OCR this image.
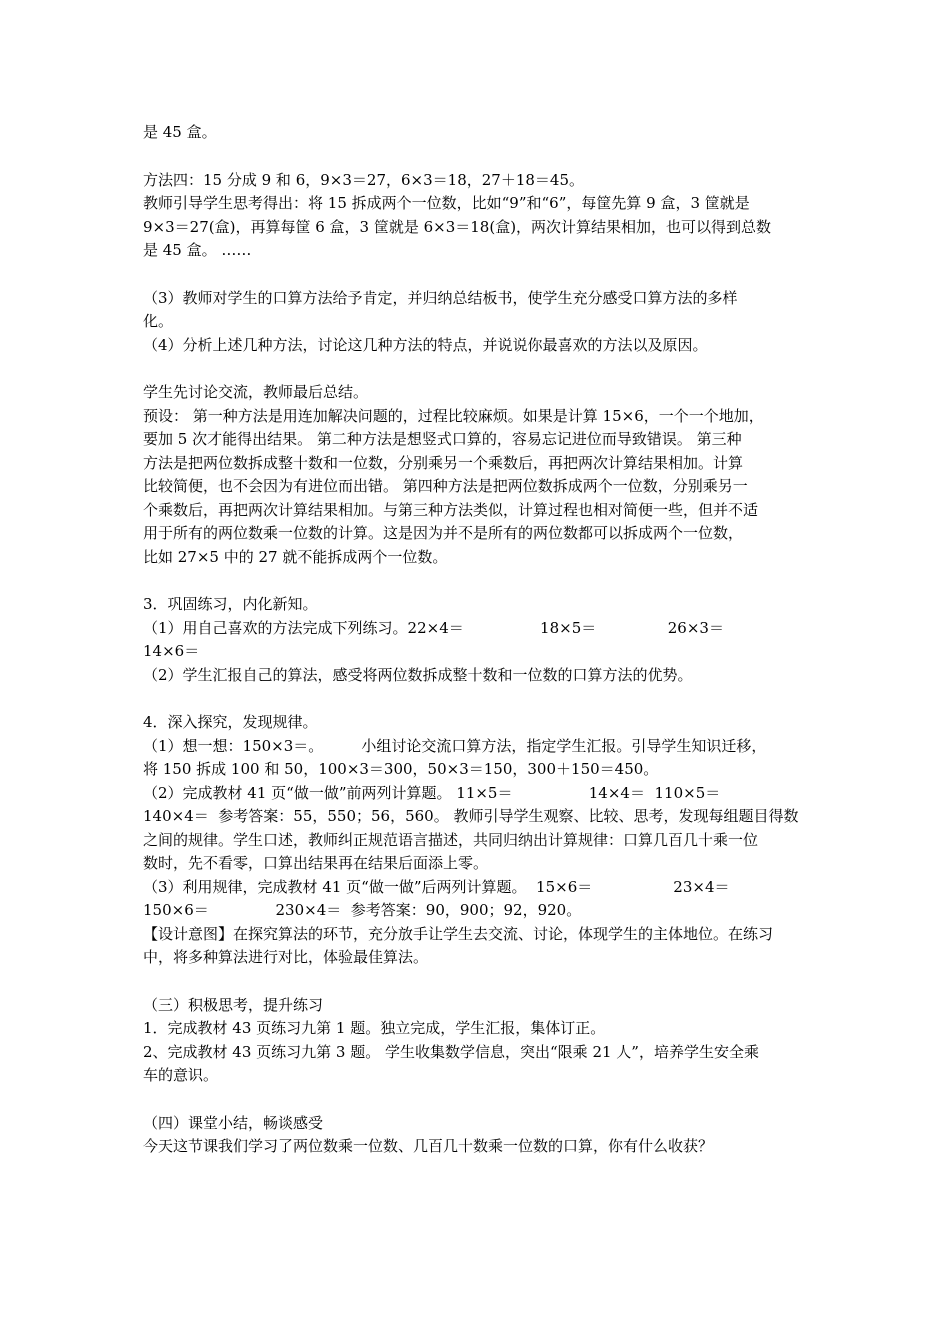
是 45 盒。
方法四：15 分成 9 和 6，9×3＝27，6×3＝18，27＋18＝45。
教师引导学生思考得出：将 15 拆成两个一位数，比如“9”和“6”，每筐先算 9 盒，3 筐就是
9×3＝27(盒)，再算每筐 6 盒，3 筐就是 6×3＝18(盒)，两次计算结果相加，也可以得到总数
是 45 盒。 ……
（3）教师对学生的口算方法给予肯定，并归纳总结板书，使学生充分感受口算方法的多样
化。
（4）分析上述几种方法，讨论这几种方法的特点，并说说你最喜欢的方法以及原因。
学生先讨论交流，教师最后总结。
预设： 第一种方法是用连加解决问题的，过程比较麻烦。如果是计算 15×6，一个一个地加，
要加 5 次才能得出结果。 第二种方法是想竖式口算的，容易忘记进位而导致错误。 第三种
方法是把两位数拆成整十数和一位数，分别乘另一个乘数后，再把两次计算结果相加。计算
比较简便，也不会因为有进位而出错。 第四种方法是把两位数拆成两个一位数，分别乘另一
个乘数后，再把两次计算结果相加。与第三种方法类似，计算过程也相对简便一些，但并不适
用于所有的两位数乘一位数的计算。这是因为并不是所有的两位数都可以拆成两个一位数，
比如 27×5 中的 27 就不能拆成两个一位数。
3．巩固练习，内化新知。
（1）用自己喜欢的方法完成下列练习。22×4＝                18×5＝               26×3＝
14×6＝
（2）学生汇报自己的算法，感受将两位数拆成整十数和一位数的口算方法的优势。
4．深入探究，发现规律。
（1）想一想：150×3＝。        小组讨论交流口算方法，指定学生汇报。引导学生知识迁移，
将 150 拆成 100 和 50，100×3＝300，50×3＝150，300＋150＝450。
（2）完成教材 41 页“做一做”前两列计算题。 11×5＝                14×4＝  110×5＝
140×4＝  参考答案：55，550；56，560。 教师引导学生观察、比较、思考，发现每组题目得数
之间的规律。学生口述，教师纠正规范语言描述，共同归纳出计算规律：口算几百几十乘一位
数时，先不看零，口算出结果再在结果后面添上零。
（3）利用规律，完成教材 41 页“做一做”后两列计算题。  15×6＝                 23×4＝
150×6＝              230×4＝  参考答案：90，900；92，920。
【设计意图】在探究算法的环节，充分放手让学生去交流、讨论，体现学生的主体地位。在练习
中，将多种算法进行对比，体验最佳算法。
（三）积极思考，提升练习
1．完成教材 43 页练习九第 1 题。独立完成，学生汇报，集体订正。
2、完成教材 43 页练习九第 3 题。 学生收集数学信息，突出“限乘 21 人”，培养学生安全乘
车的意识。
（四）课堂小结，畅谈感受
今天这节课我们学习了两位数乘一位数、几百几十数乘一位数的口算，你有什么收获？
